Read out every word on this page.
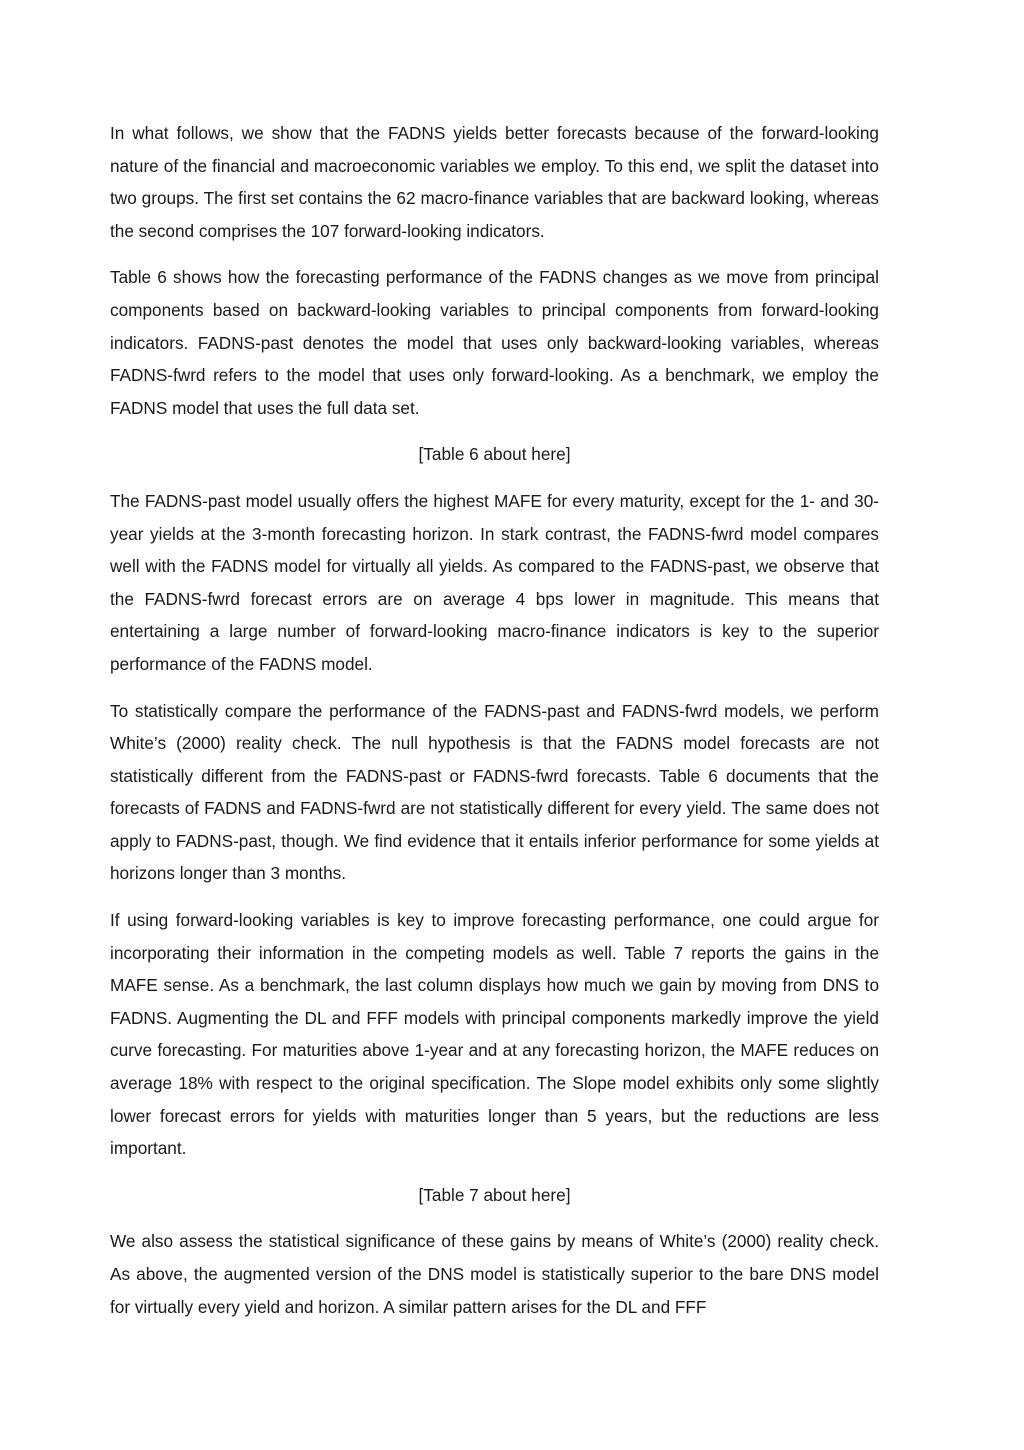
In what follows, we show that the FADNS yields better forecasts because of the forward-looking nature of the financial and macroeconomic variables we employ. To this end, we split the dataset into two groups. The first set contains the 62 macro-finance variables that are backward looking, whereas the second comprises the 107 forward-looking indicators.

Table 6 shows how the forecasting performance of the FADNS changes as we move from principal components based on backward-looking variables to principal components from forward-looking indicators. FADNS-past denotes the model that uses only backward-looking variables, whereas FADNS-fwrd refers to the model that uses only forward-looking. As a benchmark, we employ the FADNS model that uses the full data set.

[Table 6 about here]

The FADNS-past model usually offers the highest MAFE for every maturity, except for the 1- and 30-year yields at the 3-month forecasting horizon. In stark contrast, the FADNS-fwrd model compares well with the FADNS model for virtually all yields. As compared to the FADNS-past, we observe that the FADNS-fwrd forecast errors are on average 4 bps lower in magnitude. This means that entertaining a large number of forward-looking macro-finance indicators is key to the superior performance of the FADNS model.

To statistically compare the performance of the FADNS-past and FADNS-fwrd models, we perform White’s (2000) reality check. The null hypothesis is that the FADNS model forecasts are not statistically different from the FADNS-past or FADNS-fwrd forecasts. Table 6 documents that the forecasts of FADNS and FADNS-fwrd are not statistically different for every yield. The same does not apply to FADNS-past, though. We find evidence that it entails inferior performance for some yields at horizons longer than 3 months.

If using forward-looking variables is key to improve forecasting performance, one could argue for incorporating their information in the competing models as well. Table 7 reports the gains in the MAFE sense. As a benchmark, the last column displays how much we gain by moving from DNS to FADNS. Augmenting the DL and FFF models with principal components markedly improve the yield curve forecasting. For maturities above 1-year and at any forecasting horizon, the MAFE reduces on average 18% with respect to the original specification. The Slope model exhibits only some slightly lower forecast errors for yields with maturities longer than 5 years, but the reductions are less important.

[Table 7 about here]

We also assess the statistical significance of these gains by means of White’s (2000) reality check. As above, the augmented version of the DNS model is statistically superior to the bare DNS model for virtually every yield and horizon. A similar pattern arises for the DL and FFF
